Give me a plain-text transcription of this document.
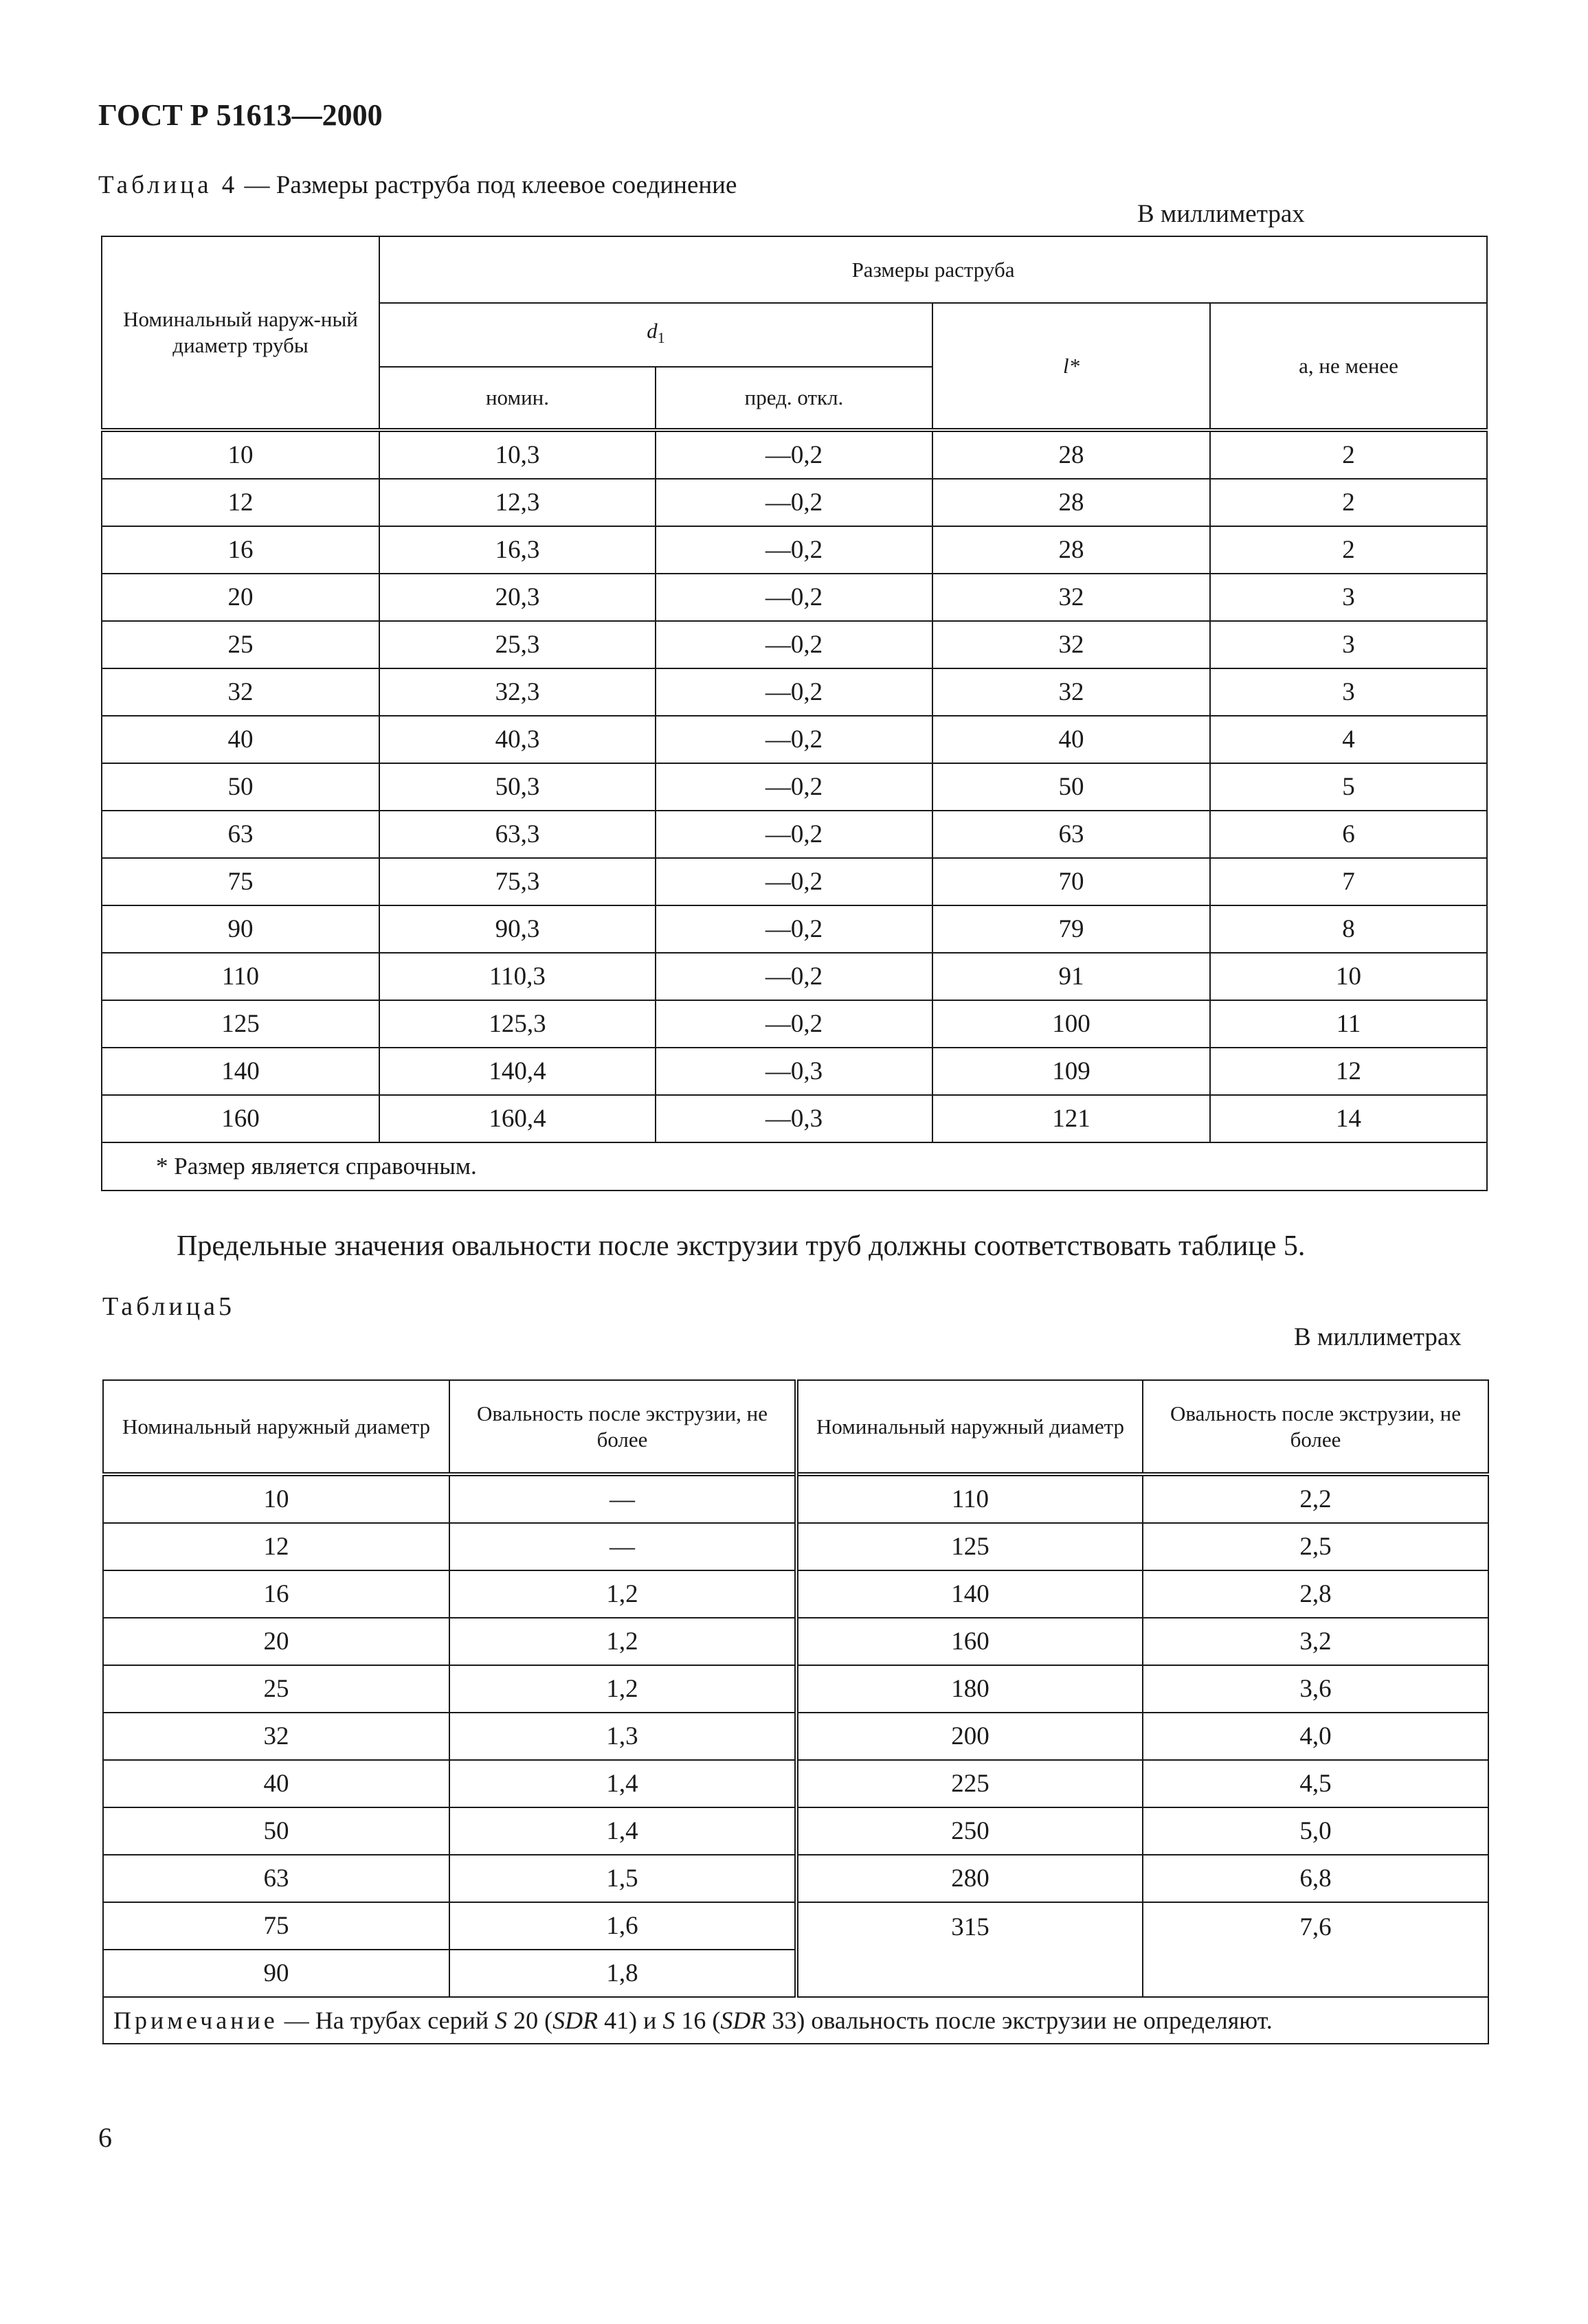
ГОСТ Р 51613—2000
Таблица 4 — Размеры раструба под клеевое соединение
В миллиметрах
Номинальный наруж-ный диаметр трубы	Размеры раструба			
	$d_1$		l*	a, не менее
	номин.	пред. откл.		
10	10,3	—0,2	28	2
12	12,3	—0,2	28	2
16	16,3	—0,2	28	2
20	20,3	—0,2	32	3
25	25,3	—0,2	32	3
32	32,3	—0,2	32	3
40	40,3	—0,2	40	4
50	50,3	—0,2	50	5
63	63,3	—0,2	63	6
75	75,3	—0,2	70	7
90	90,3	—0,2	79	8
110	110,3	—0,2	91	10
125	125,3	—0,2	100	11
140	140,4	—0,3	109	12
160	160,4	—0,3	121	14
* Размер является справочным.				
Предельные значения овальности после экструзии труб должны соответствовать таблице 5.
Таблица5
В миллиметрах
Номинальный наружный диаметр	Овальность после экструзии, не более	Номинальный наружный диаметр	Овальность после экструзии, не более
10	—	110	2,2
12	—	125	2,5
16	1,2	140	2,8
20	1,2	160	3,2
25	1,2	180	3,6
32	1,3	200	4,0
40	1,4	225	4,5
50	1,4	250	5,0
63	1,5	280	6,8
75	1,6	315	7,6
90	1,8		
Примечание — На трубах серий S 20 (SDR 41) и S 16 (SDR 33) овальность после экструзии не определяют.			
6
